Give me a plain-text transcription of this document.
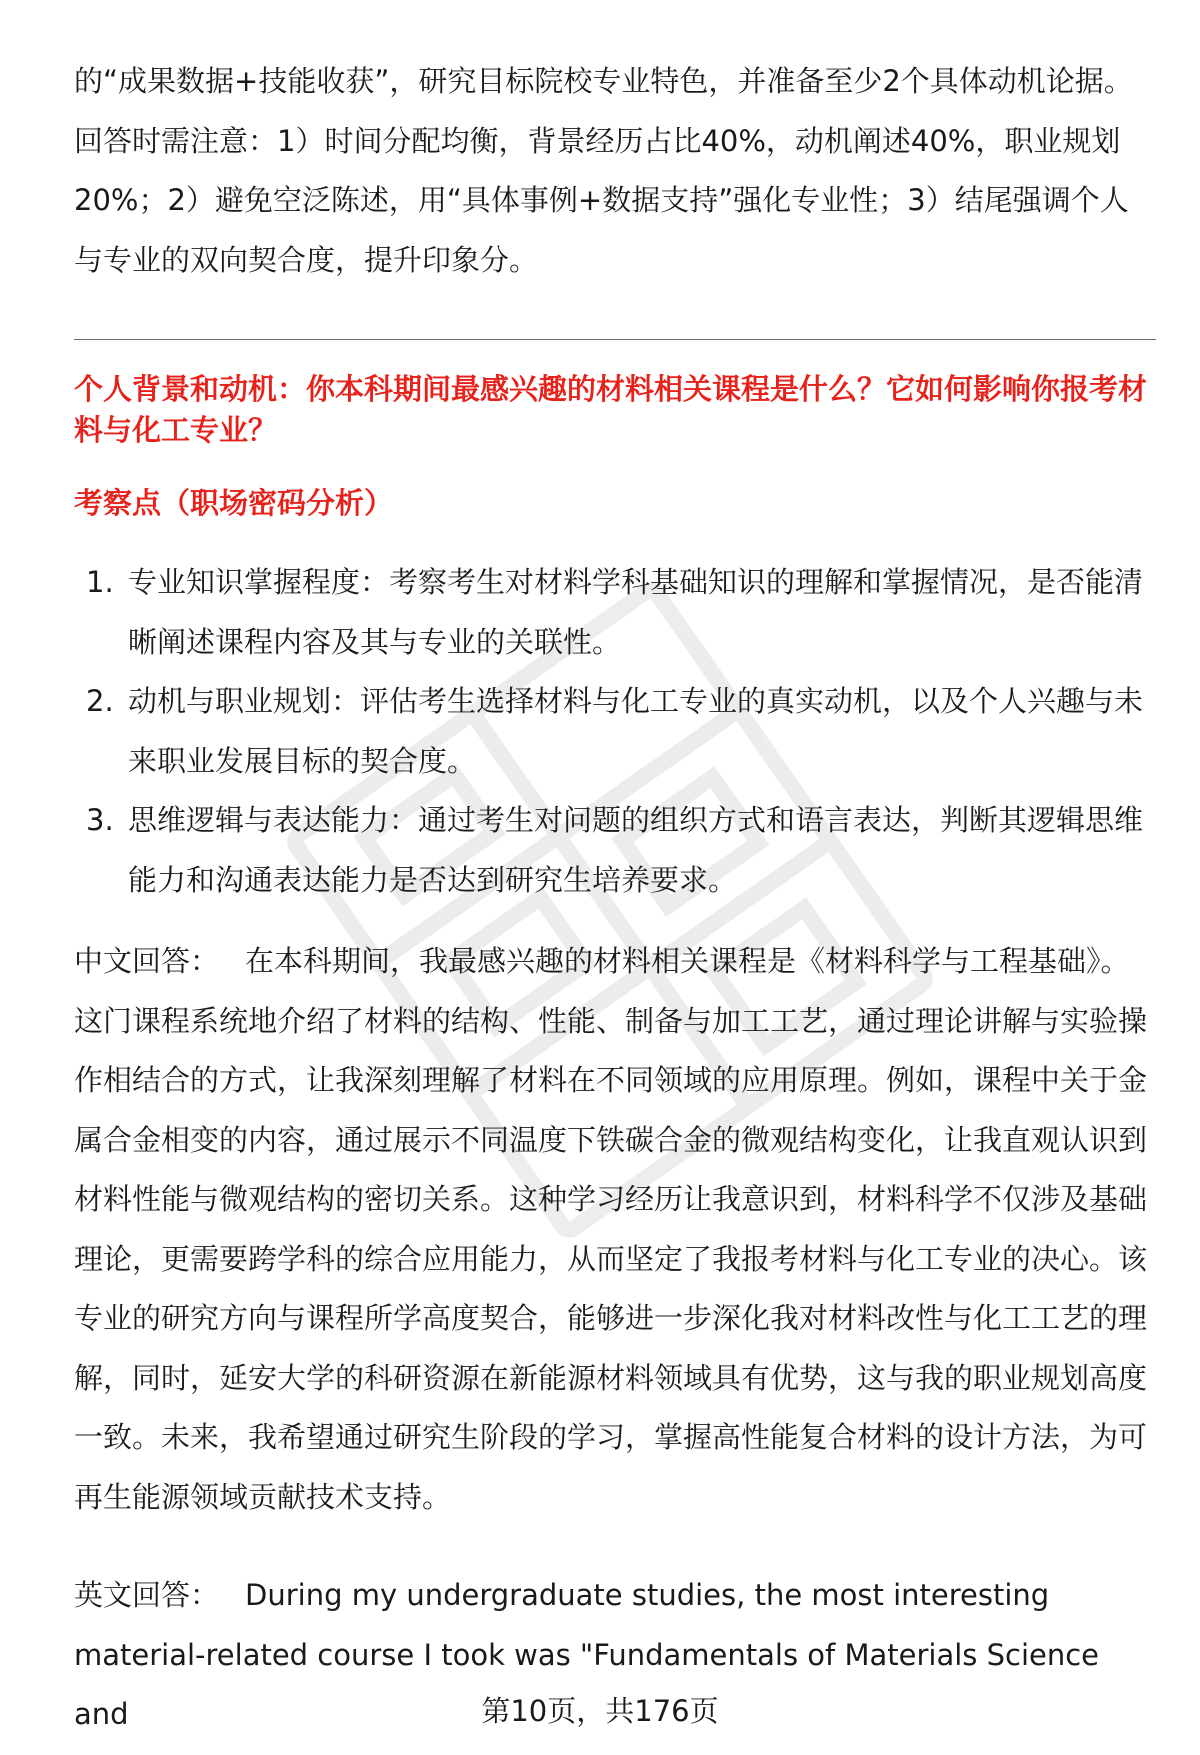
的“成果数据+技能收获”，研究目标院校专业特色，并准备至少2个具体动机论据。回答时需注意：1）时间分配均衡，背景经历占比40%，动机阐述40%，职业规划20%；2）避免空泛陈述，用“具体事例+数据支持”强化专业性；3）结尾强调个人与专业的双向契合度，提升印象分。

个人背景和动机：你本科期间最感兴趣的材料相关课程是什么？它如何影响你报考材料与化工专业？

考察点（职场密码分析）

1. 专业知识掌握程度：考察考生对材料学科基础知识的理解和掌握情况，是否能清晰阐述课程内容及其与专业的关联性。
2. 动机与职业规划：评估考生选择材料与化工专业的真实动机，以及个人兴趣与未来职业发展目标的契合度。
3. 思维逻辑与表达能力：通过考生对问题的组织方式和语言表达，判断其逻辑思维能力和沟通表达能力是否达到研究生培养要求。

中文回答： 在本科期间，我最感兴趣的材料相关课程是《材料科学与工程基础》。这门课程系统地介绍了材料的结构、性能、制备与加工工艺，通过理论讲解与实验操作相结合的方式，让我深刻理解了材料在不同领域的应用原理。例如，课程中关于金属合金相变的内容，通过展示不同温度下铁碳合金的微观结构变化，让我直观认识到材料性能与微观结构的密切关系。这种学习经历让我意识到，材料科学不仅涉及基础理论，更需要跨学科的综合应用能力，从而坚定了我报考材料与化工专业的决心。该专业的研究方向与课程所学高度契合，能够进一步深化我对材料改性与化工工艺的理解，同时，延安大学的科研资源在新能源材料领域具有优势，这与我的职业规划高度一致。未来，我希望通过研究生阶段的学习，掌握高性能复合材料的设计方法，为可再生能源领域贡献技术支持。

英文回答： During my undergraduate studies, the most interesting material-related course I took was "Fundamentals of Materials Science and	第10页，共176页
